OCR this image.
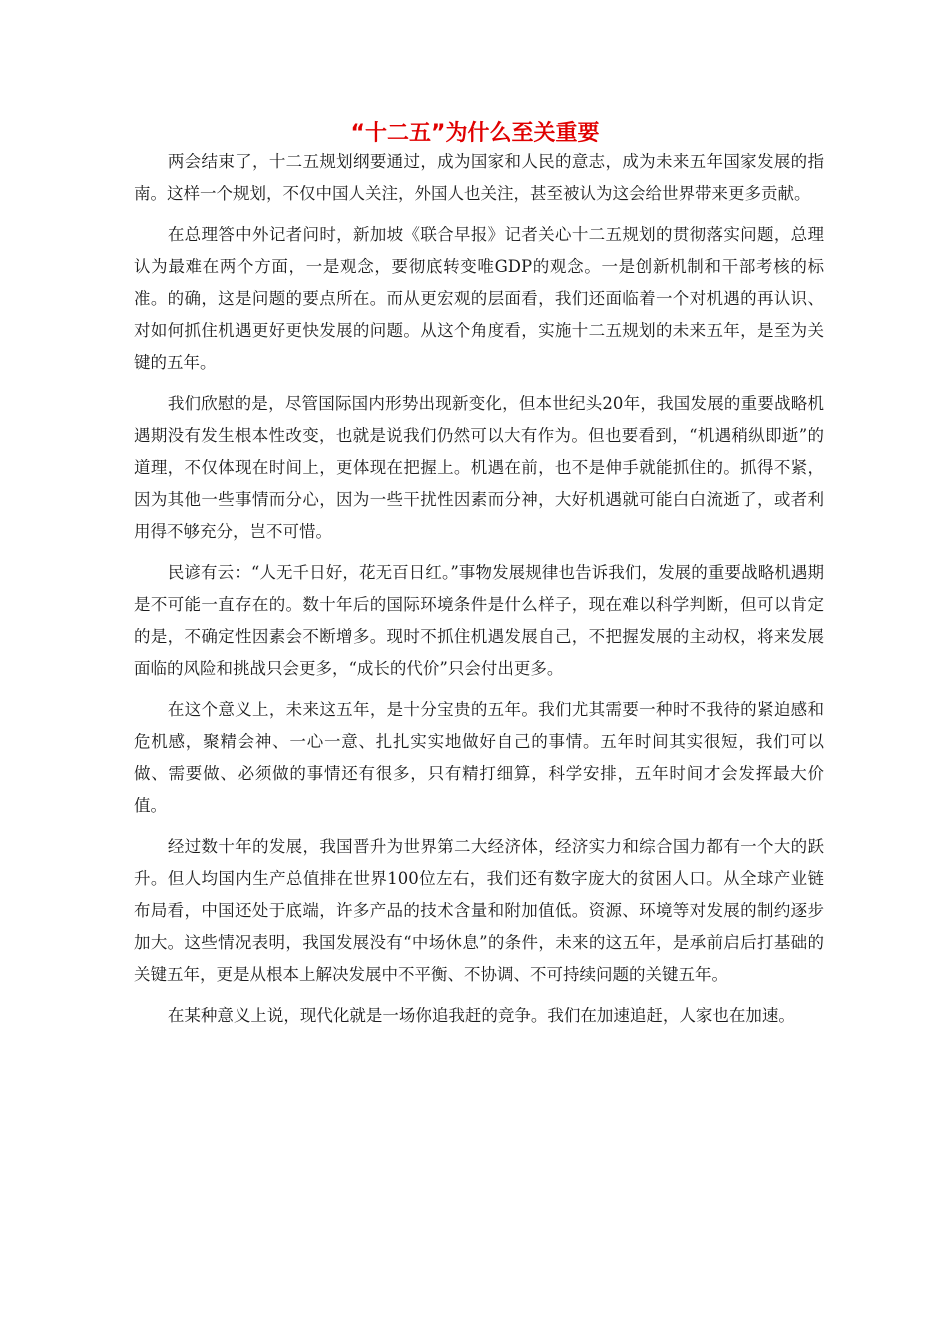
“十二五”为什么至关重要

两会结束了，十二五规划纲要通过，成为国家和人民的意志，成为未来五年国家发展的指南。这样一个规划，不仅中国人关注，外国人也关注，甚至被认为这会给世界带来更多贡献。

在总理答中外记者问时，新加坡《联合早报》记者关心十二五规划的贯彻落实问题，总理认为最难在两个方面，一是观念，要彻底转变唯GDP的观念。一是创新机制和干部考核的标准。的确，这是问题的要点所在。而从更宏观的层面看，我们还面临着一个对机遇的再认识、对如何抓住机遇更好更快发展的问题。从这个角度看，实施十二五规划的未来五年，是至为关键的五年。

我们欣慰的是，尽管国际国内形势出现新变化，但本世纪头20年，我国发展的重要战略机遇期没有发生根本性改变，也就是说我们仍然可以大有作为。但也要看到，“机遇稍纵即逝”的道理，不仅体现在时间上，更体现在把握上。机遇在前，也不是伸手就能抓住的。抓得不紧，因为其他一些事情而分心，因为一些干扰性因素而分神，大好机遇就可能白白流逝了，或者利用得不够充分，岂不可惜。

民谚有云：“人无千日好，花无百日红。”事物发展规律也告诉我们，发展的重要战略机遇期是不可能一直存在的。数十年后的国际环境条件是什么样子，现在难以科学判断，但可以肯定的是，不确定性因素会不断增多。现时不抓住机遇发展自己，不把握发展的主动权，将来发展面临的风险和挑战只会更多，“成长的代价”只会付出更多。

在这个意义上，未来这五年，是十分宝贵的五年。我们尤其需要一种时不我待的紧迫感和危机感，聚精会神、一心一意、扎扎实实地做好自己的事情。五年时间其实很短，我们可以做、需要做、必须做的事情还有很多，只有精打细算，科学安排，五年时间才会发挥最大价值。

经过数十年的发展，我国晋升为世界第二大经济体，经济实力和综合国力都有一个大的跃升。但人均国内生产总值排在世界100位左右，我们还有数字庞大的贫困人口。从全球产业链布局看，中国还处于底端，许多产品的技术含量和附加值低。资源、环境等对发展的制约逐步加大。这些情况表明，我国发展没有“中场休息”的条件，未来的这五年，是承前启后打基础的关键五年，更是从根本上解决发展中不平衡、不协调、不可持续问题的关键五年。

在某种意义上说，现代化就是一场你追我赶的竞争。我们在加速追赶，人家也在加速。
